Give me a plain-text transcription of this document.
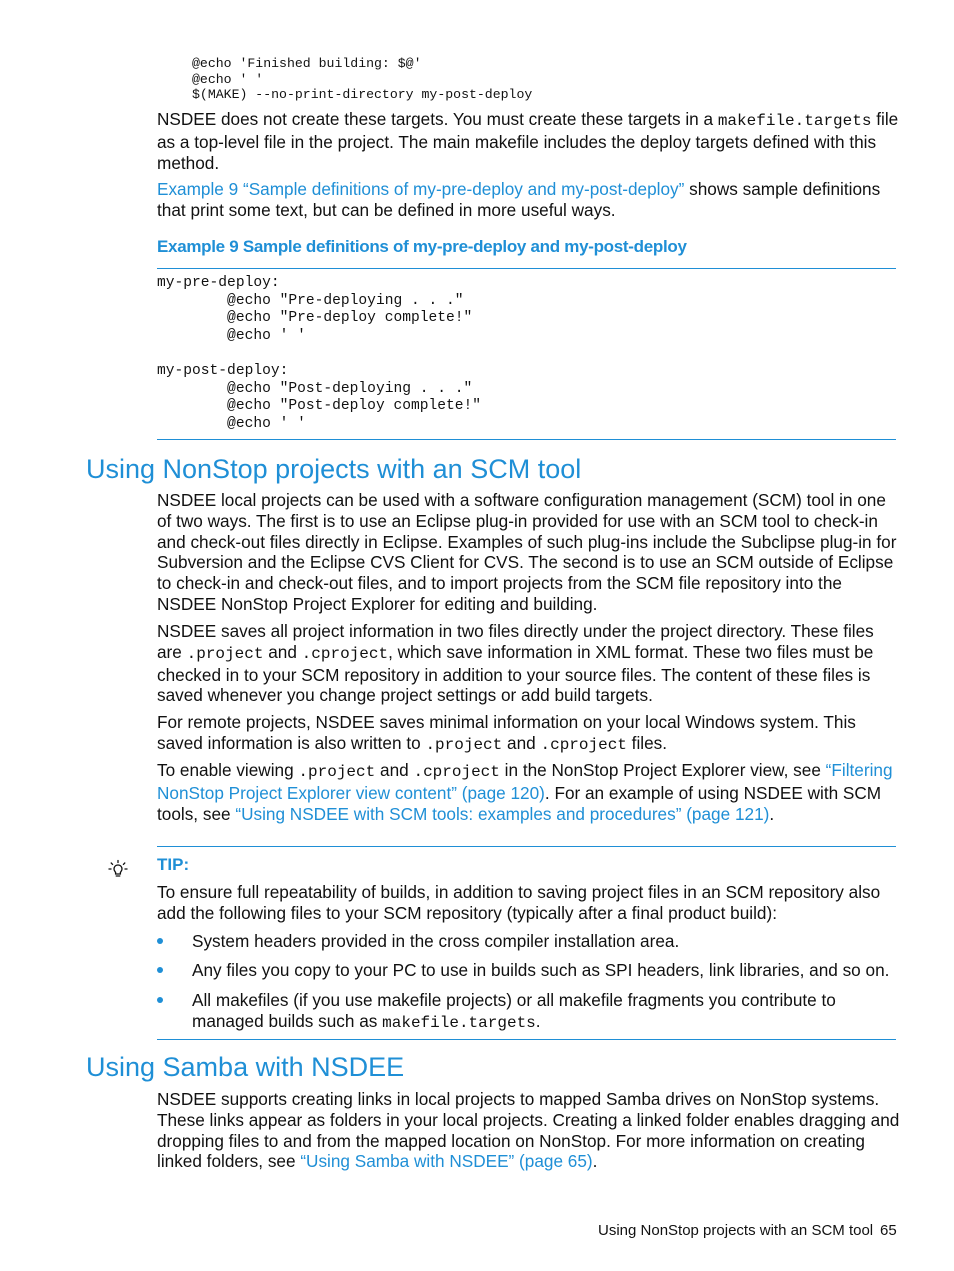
@echo 'Finished building: $@'
@echo ' '
$(MAKE) --no-print-directory my-post-deploy
NSDEE does not create these targets. You must create these targets in a makefile.targets file as a top-level file in the project. The main makefile includes the deploy targets defined with this method.
Example 9 “Sample definitions of my-pre-deploy and my-post-deploy” shows sample definitions that print some text, but can be defined in more useful ways.
Example 9 Sample definitions of my-pre-deploy and my-post-deploy
my-pre-deploy:
@echo "Pre-deploying . . ."
@echo "Pre-deploy complete!"
@echo ' '

my-post-deploy:
@echo "Post-deploying . . ."
@echo "Post-deploy complete!"
@echo ' '
Using NonStop projects with an SCM tool
NSDEE local projects can be used with a software configuration management (SCM) tool in one of two ways. The first is to use an Eclipse plug-in provided for use with an SCM tool to check-in and check-out files directly in Eclipse. Examples of such plug-ins include the Subclipse plug-in for Subversion and the Eclipse CVS Client for CVS. The second is to use an SCM outside of Eclipse to check-in and check-out files, and to import projects from the SCM file repository into the NSDEE NonStop Project Explorer for editing and building.
NSDEE saves all project information in two files directly under the project directory. These files are .project and .cproject, which save information in XML format. These two files must be checked in to your SCM repository in addition to your source files. The content of these files is saved whenever you change project settings or add build targets.
For remote projects, NSDEE saves minimal information on your local Windows system. This saved information is also written to .project and .cproject files.
To enable viewing .project and .cproject in the NonStop Project Explorer view, see “Filtering NonStop Project Explorer view content” (page 120). For an example of using NSDEE with SCM tools, see “Using NSDEE with SCM tools: examples and procedures” (page 121).
TIP:
To ensure full repeatability of builds, in addition to saving project files in an SCM repository also add the following files to your SCM repository (typically after a final product build):
System headers provided in the cross compiler installation area.
Any files you copy to your PC to use in builds such as SPI headers, link libraries, and so on.
All makefiles (if you use makefile projects) or all makefile fragments you contribute to managed builds such as makefile.targets.
Using Samba with NSDEE
NSDEE supports creating links in local projects to mapped Samba drives on NonStop systems. These links appear as folders in your local projects. Creating a linked folder enables dragging and dropping files to and from the mapped location on NonStop. For more information on creating linked folders, see “Using Samba with NSDEE” (page 65).
Using NonStop projects with an SCM tool 65
